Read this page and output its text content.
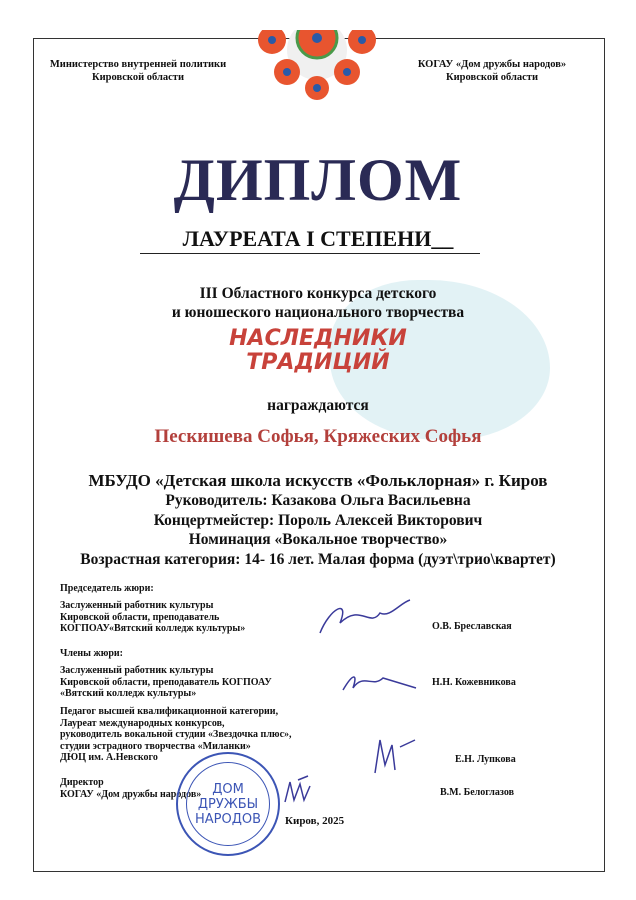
Министерство внутренней политики
Кировской области
КОГАУ «Дом дружбы народов»
Кировской области
ДИПЛОМ
ЛАУРЕАТА I СТЕПЕНИ__
III Областного конкурса детского
и юношеского национального творчества
НАСЛЕДНИКИ
ТРАДИЦИЙ
награждаются
Пескишева Софья, Кряжеских Софья
МБУДО «Детская школа искусств «Фольклорная» г. Киров
Руководитель: Казакова Ольга Васильевна
Концертмейстер: Пороль Алексей Викторович
Номинация «Вокальное творчество»
Возрастная категория: 14- 16 лет. Малая форма (дуэт\трио\квартет)
Председатель жюри:
Заслуженный работник культуры
Кировской области, преподаватель
КОГПОАУ«Вятский колледж культуры»	О.В. Бреславская
Члены жюри:
Заслуженный работник культуры
Кировской области, преподаватель КОГПОАУ
«Вятский колледж культуры»
Н.Н. Кожевникова
Педагог высшей квалификационной категории,
Лауреат международных конкурсов,
руководитель вокальной студии «Звездочка плюс»,
студии эстрадного творчества «Миланки»
ДЮЦ им. А.Невского	Е.Н. Лупкова
Директор
КОГАУ «Дом дружбы народов» ДОМ
ДРУЖБЫ
НАРОДОВ
В.М. Белоглазов
Киров, 2025
